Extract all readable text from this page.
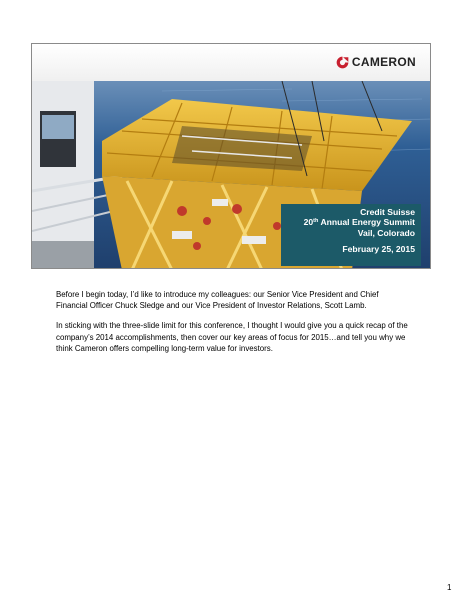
CAMERON
Credit Suisse
20th Annual Energy Summit
Vail, Colorado
February 25, 2015

Before I begin today, I’d like to introduce my colleagues: our Senior Vice President and Chief Financial Officer Chuck Sledge and our Vice President of Investor Relations, Scott Lamb.

In sticking with the three-slide limit for this conference, I thought I would give you a quick recap of the company’s 2014 accomplishments, then cover our key areas of focus for 2015…and tell you why we think Cameron offers compelling long-term value for investors.

1
